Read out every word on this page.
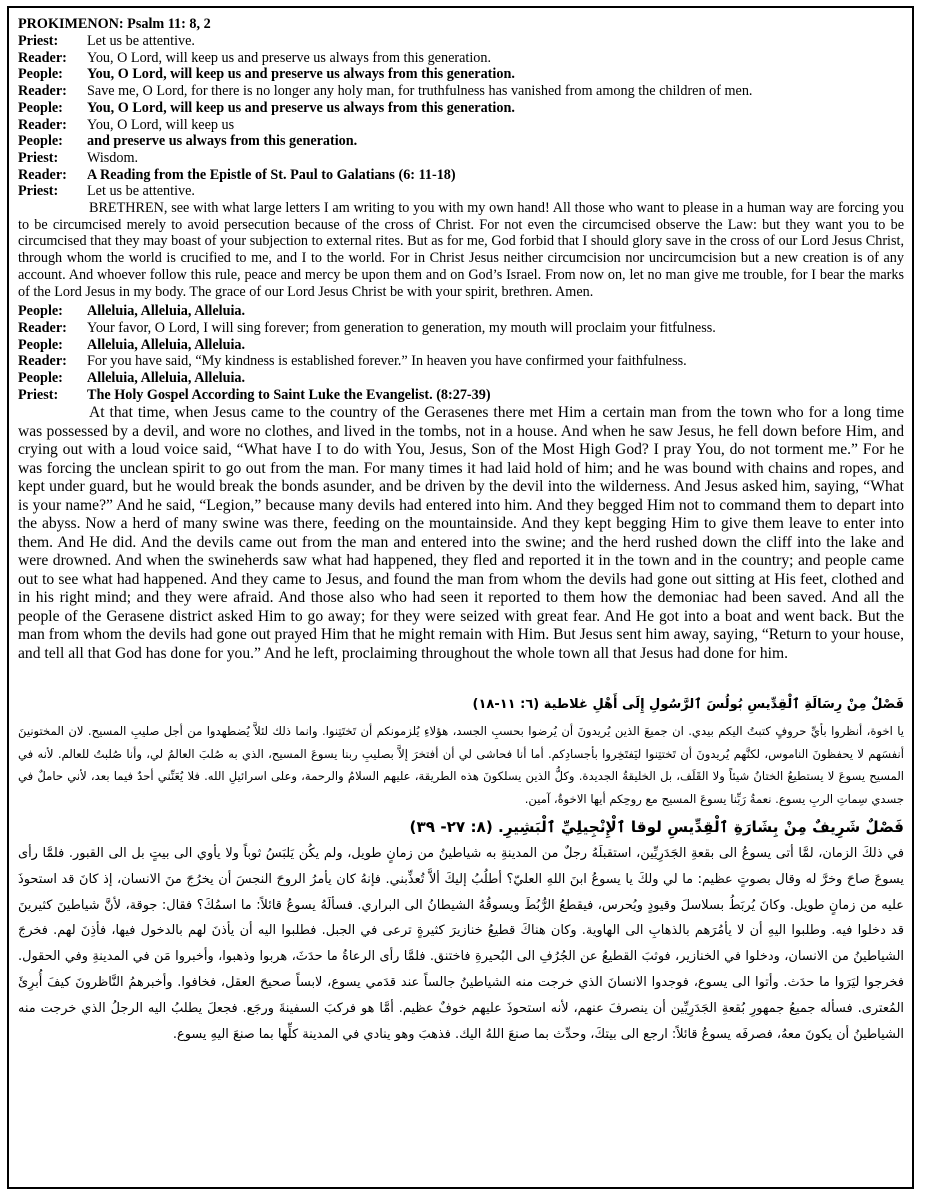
PROKIMENON: Psalm 11: 8, 2
Priest:	Let us be attentive.
Reader:	You, O Lord, will keep us and preserve us always from this generation.
People:	You, O Lord, will keep us and preserve us always from this generation.
Reader:	Save me, O Lord, for there is no longer any holy man, for truthfulness has vanished from among the children of men.
People:	You, O Lord, will keep us and preserve us always from this generation.
Reader:	You, O Lord, will keep us
People:	and preserve us always from this generation.
Priest:	Wisdom.
Reader:	A Reading from the Epistle of St. Paul to Galatians (6: 11-18)
Priest:	Let us be attentive.

BRETHREN, see with what large letters I am writing to you with my own hand! All those who want to please in a human way are forcing you to be circumcised merely to avoid persecution because of the cross of Christ. For not even the circumcised observe the Law: but they want you to be circumcised that they may boast of your subjection to external rites. But as for me, God forbid that I should glory save in the cross of our Lord Jesus Christ, through whom the world is crucified to me, and I to the world. For in Christ Jesus neither circumcision nor uncircumcision but a new creation is of any account. And whoever follow this rule, peace and mercy be upon them and on God’s Israel. From now on, let no man give me trouble, for I bear the marks of the Lord Jesus in my body. The grace of our Lord Jesus Christ be with your spirit, brethren. Amen.

People:	Alleluia, Alleluia, Alleluia.
Reader:	Your favor, O Lord, I will sing forever; from generation to generation, my mouth will proclaim your fitfulness.
People:	Alleluia, Alleluia, Alleluia.
Reader:	For you have said, “My kindness is established forever.” In heaven you have confirmed your faithfulness.
People:	Alleluia, Alleluia, Alleluia.
Priest:	The Holy Gospel According to Saint Luke the Evangelist. (8:27-39)

At that time, when Jesus came to the country of the Gerasenes there met Him a certain man from the town who for a long time was possessed by a devil, and wore no clothes, and lived in the tombs, not in a house. And when he saw Jesus, he fell down before Him, and crying out with a loud voice said, “What have I to do with You, Jesus, Son of the Most High God? I pray You, do not torment me.” For he was forcing the unclean spirit to go out from the man. For many times it had laid hold of him; and he was bound with chains and ropes, and kept under guard, but he would break the bonds asunder, and be driven by the devil into the wilderness. And Jesus asked him, saying, “What is your name?” And he said, “Legion,” because many devils had entered into him. And they begged Him not to command them to depart into the abyss. Now a herd of many swine was there, feeding on the mountainside. And they kept begging Him to give them leave to enter into them. And He did. And the devils came out from the man and entered into the swine; and the herd rushed down the cliff into the lake and were drowned. And when the swineherds saw what had happened, they fled and reported it in the town and in the country; and people came out to see what had happened. And they came to Jesus, and found the man from whom the devils had gone out sitting at His feet, clothed and in his right mind; and they were afraid. And those also who had seen it reported to them how the demoniac had been saved. And all the people of the Gerasene district asked Him to go away; for they were seized with great fear. And He got into a boat and went back. But the man from whom the devils had gone out prayed Him that he might remain with Him. But Jesus sent him away, saying, “Return to your house, and tell all that God has done for you.” And he left, proclaiming throughout the whole town all that Jesus had done for him.

فَصْلٌ مِنْ رِسَالَةِ ٱلْقِدِّيسِ بُولُسَ ٱلرَّسُولِ إِلَى أَهْلِ غلاطية (٦: ١١-١٨)
يا اخوة، أنظروا بأيِّ حروفٍ كتبتُ اليكم بيدي. ان جميعَ الذين يُريدونَ أن يُرضوا بحسبِ الجسد، هؤلاءِ يُلزمونكم أن تَختَتِنوا. وانما ذلك لئلاَّ يُضطهدوا من أجل صليبِ المسيح. لان المختونينَ أنفسَهم لا يحفظونَ الناموس، لكنَّهم يُريدونَ أن تَختتِنوا ليَفتَخِروا بأجسادِكم. أما أنا فحاشى لي أن أفتخرَ إلاَّ بصليبِ ربنا يسوعَ المسيح، الذي به صُلبَ العالمُ لي، وأنا صُلبتُ للعالم. لأنه في المسيح يسوعَ لا يستطيعُ الختانُ شيئاً ولا القَلَف، بل الخليقةُ الجديدة. وكلُّ الذين يسلكونَ هذه الطريقة، عليهم السلامُ والرحمة، وعلى اسرائيلِ الله. فلا يُعَنِّني أحدٌ فيما بعد، لأني حاملٌ في جسدي سِماتِ الربِ يسوع. نعمةُ رَبِّنا يسوعَ المسيح مع روحِكم أيها الاخوةُ، آمين.
فَصْلٌ شَرِيفٌ مِنْ بِشَارَةِ ٱلْقِدِّيسِ لوقا ٱلْإِنْجِيلِيِّ ٱلْبَشِيرِ. (٨: ٢٧- ٣٩)
في ذلكَ الزمان، لمَّا أتى يسوعُ الى بقعةِ الجَدَرِيِّين، استقبلَهُ رجلٌ من المدينةِ به شياطينُ من زمانٍ طويل، ولم يكُن يَلبَسُ ثوباً ولا يأوي الى بيتٍ بل الى القبور. فلمَّا رأى يسوعَ صاحَ وخرَّ له وقال بصوتٍ عظيم: ما لي ولكَ يا يسوعُ ابنَ اللهِ العليّ؟ أطلُبُ إليكَ ألاَّ تُعذِّبني. فإنهُ كان يأمرُ الروحَ النجسَ أن يخرُجَ منَ الانسان، إذ كانَ قد استحوذَ عليه من زمانٍ طويل. وكانَ يُربَطُ بسلاسلَ وقيودٍ ويُحرس، فيقطعُ الرُّبُطَ ويسوقُهُ الشيطانُ الى البراري. فسألَهُ يسوعُ قائلاً: ما اسمُكَ؟ فقال: جوقة، لأنَّ شياطينَ كثيرينَ قد دخلوا فيه. وطلبوا اليهِ أن لا يأمُرَهم بالذهابِ الى الهاوية. وكان هناكَ قطيعُ خنازيرَ كثيرةٍ ترعى في الجبل. فطلبوا اليه أن يأذنَ لهم بالدخول فيها، فأذِنَ لهم. فخرجَ الشياطينُ من الانسان، ودخلوا في الخنازير، فوثبَ القطيعُ عن الجُرُفِ الى البُحيرةِ فاختنق. فلمَّا رأى الرعاةُ ما حدَثَ، هربوا وذهبوا، وأخبروا مَن في المدينةِ وفي الحقول. فخرجوا ليَرَوا ما حدَث. وأتوا الى يسوع، فوجدوا الانسانَ الذي خرجت منه الشياطينُ جالساً عند قدَمي يسوع، لابساً صحيحَ العقل، فخافوا. وأخبرهمُ النَّاظرونَ كيفَ أُبرِئَ المُعترى. فسأله جميعُ جمهورِ بُقعةِ الجَدَرِيِّين أن ينصرفَ عنهم، لأنه استحوذَ عليهم خوفٌ عظيم. أمَّا هو فركبَ السفينةَ ورجَع. فجعلَ يطلبُ اليه الرجلُ الذي خرجت منه الشياطينُ أن يكونَ معهُ، فصرفَه يسوعُ قائلاً: ارجع الى بيتكَ، وحدِّث بما صنعَ اللهُ اليك. فذهبَ وهو ينادي في المدينة كلِّها بما صنعَ اليهِ يسوع.
